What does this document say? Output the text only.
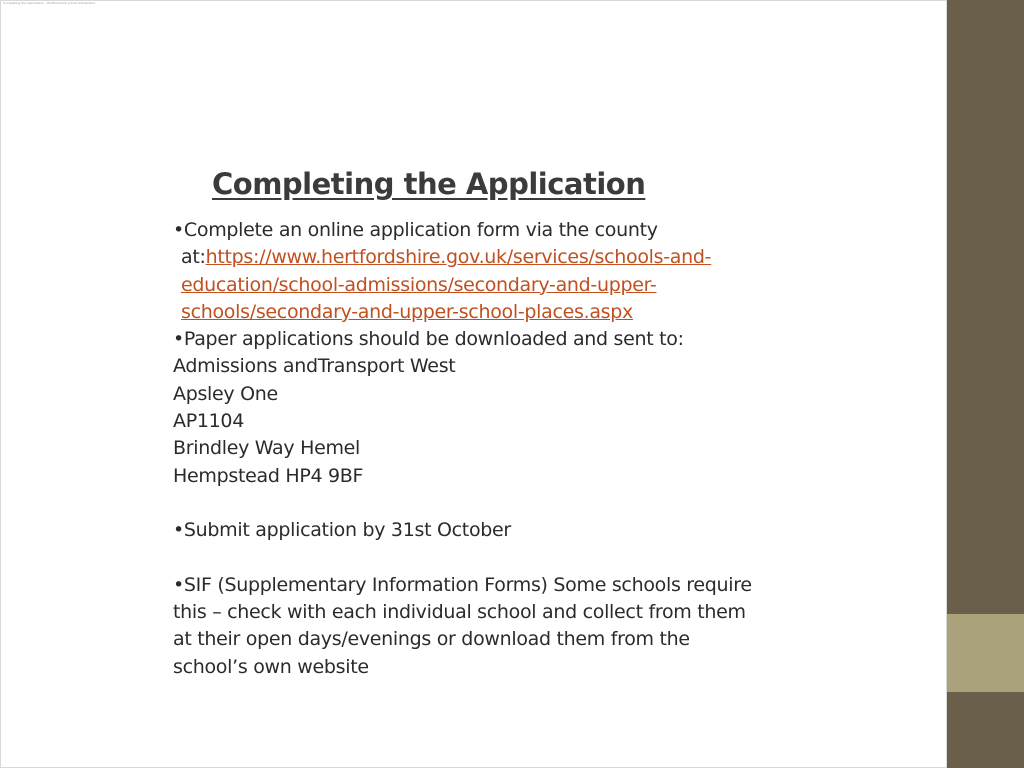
Completing the Application - Hertfordshire school admissions
Completing the Application
•Complete an online application form via the county
at:https://www.hertfordshire.gov.uk/services/schools-and-
education/school-admissions/secondary-and-upper-
schools/secondary-and-upper-school-places.aspx
•Paper applications should be downloaded and sent to:
Admissions andTransport West
Apsley One
AP1104
Brindley Way Hemel
Hempstead HP4 9BF
•Submit application by 31st October
•SIF (Supplementary Information Forms) Some schools require
this – check with each individual school and collect from them
at their open days/evenings or download them from the
school’s own website
